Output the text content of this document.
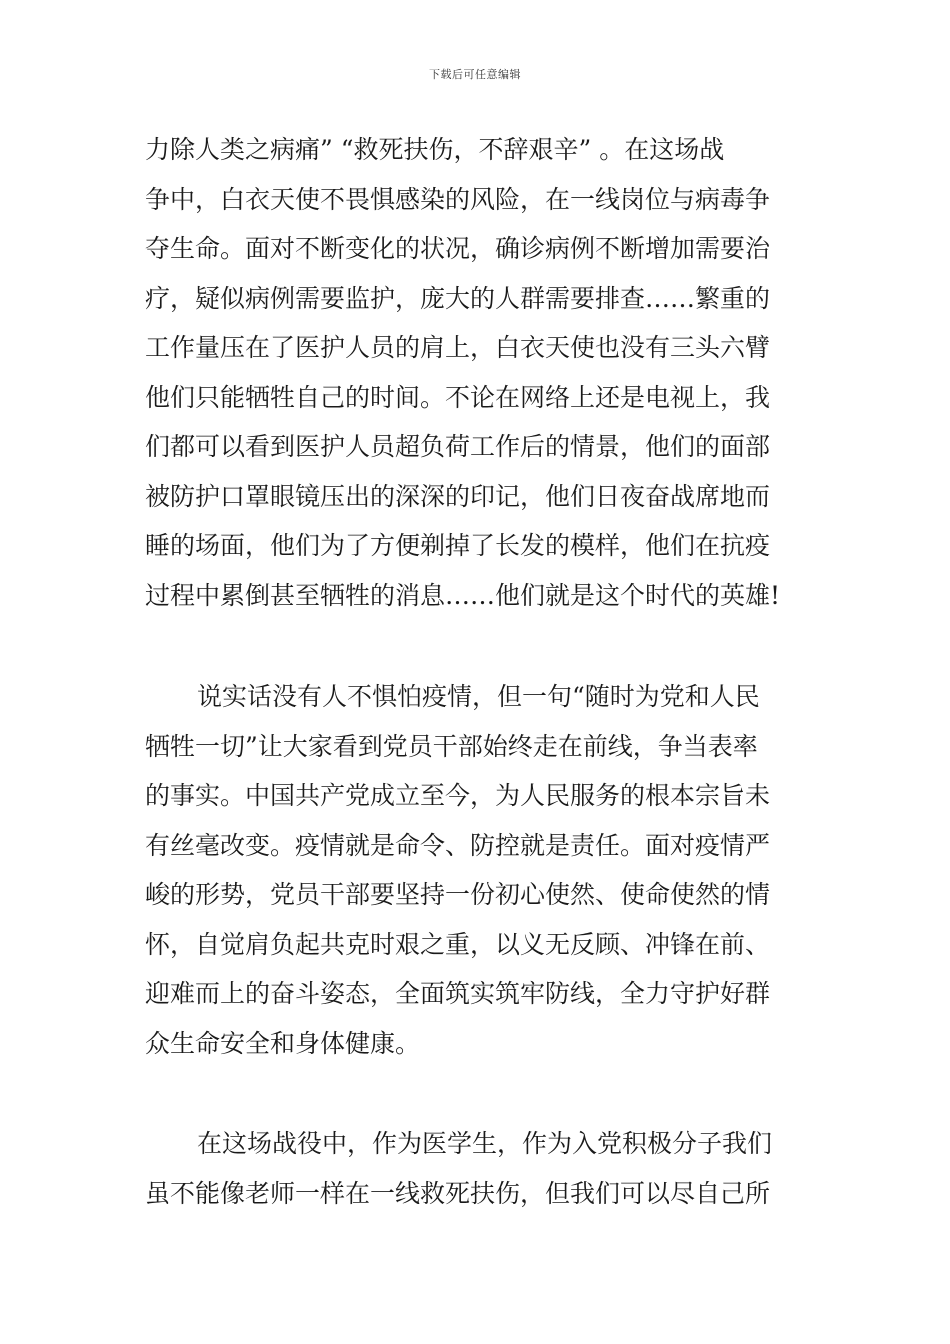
下载后可任意编辑
力除人类之病痛” “救死扶伤，不辞艰辛” 。在这场战
争中，白衣天使不畏惧感染的风险，在一线岗位与病毒争
夺生命。面对不断变化的状况，确诊病例不断增加需要治
疗，疑似病例需要监护，庞大的人群需要排查……繁重的
工作量压在了医护人员的肩上，白衣天使也没有三头六臂
他们只能牺牲自己的时间。不论在网络上还是电视上，我
们都可以看到医护人员超负荷工作后的情景，他们的面部
被防护口罩眼镜压出的深深的印记，他们日夜奋战席地而
睡的场面，他们为了方便剃掉了长发的模样，他们在抗疫
过程中累倒甚至牺牲的消息……他们就是这个时代的英雄!
说实话没有人不惧怕疫情，但一句“随时为党和人民
牺牲一切”让大家看到党员干部始终走在前线，争当表率
的事实。中国共产党成立至今，为人民服务的根本宗旨未
有丝毫改变。疫情就是命令、防控就是责任。面对疫情严
峻的形势，党员干部要坚持一份初心使然、使命使然的情
怀，自觉肩负起共克时艰之重，以义无反顾、冲锋在前、
迎难而上的奋斗姿态，全面筑实筑牢防线，全力守护好群
众生命安全和身体健康。
在这场战役中，作为医学生，作为入党积极分子我们
虽不能像老师一样在一线救死扶伤，但我们可以尽自己所
